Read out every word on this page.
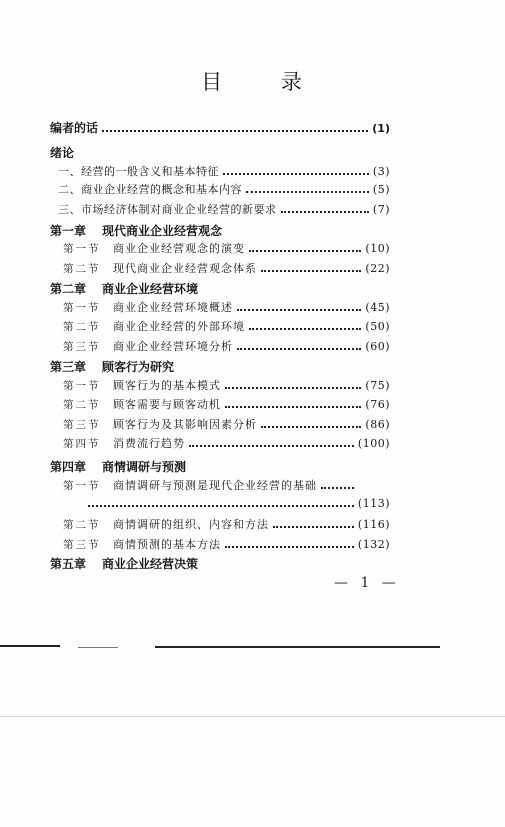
目 录
编者的话	(1)
绪论
一、经营的一般含义和基本特征	(3)
二、商业企业经营的概念和基本内容	(5)
三、市场经济体制对商业企业经营的新要求	(7)
第一章	现代商业企业经营观念
第一节	商业企业经营观念的演变	(10)
第二节	现代商业企业经营观念体系	(22)
第二章	商业企业经营环境
第一节	商业企业经营环境概述	(45)
第二节	商业企业经营的外部环境	(50)
第三节	商业企业经营环境分析	(60)
第三章	顾客行为研究
第一节	顾客行为的基本模式	(75)
第二节	顾客需要与顾客动机	(76)
第三节	顾客行为及其影响因素分析	(86)
第四节	消费流行趋势	(100)
第四章	商情调研与预测
第一节	商情调研与预测是现代企业经营的基础
(113)
第二节	商情调研的组织、内容和方法	(116)
第三节	商情预测的基本方法	(132)
第五章	商业企业经营决策
— 1 —
